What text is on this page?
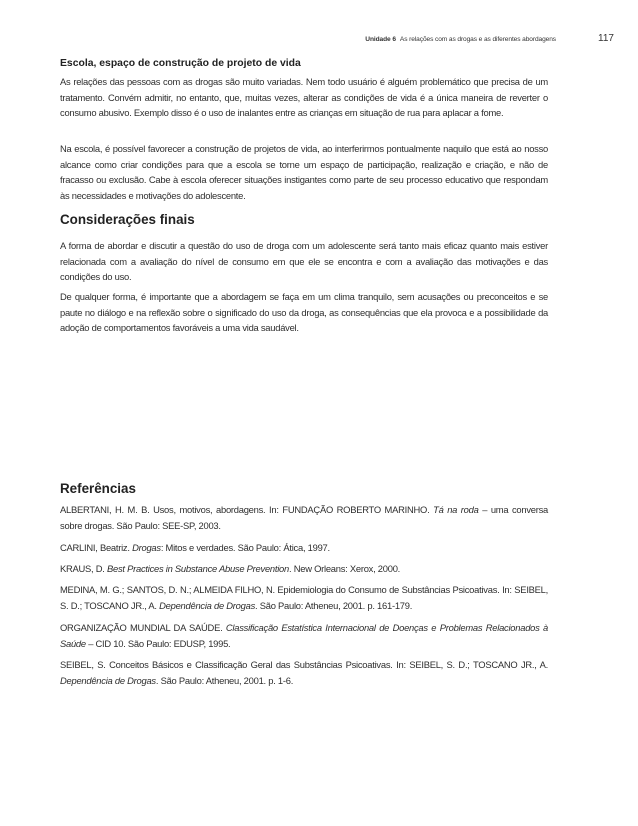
Unidade 6 As relações com as drogas e as diferentes abordagens	117
Escola, espaço de construção de projeto de vida

As relações das pessoas com as drogas são muito variadas. Nem todo usuário é alguém problemático que precisa de um tratamento. Convém admitir, no entanto, que, muitas vezes, alterar as condições de vida é a única maneira de reverter o consumo abusivo. Exemplo disso é o uso de inalantes entre as crianças em situação de rua para aplacar a fome.

Na escola, é possível favorecer a construção de projetos de vida, ao interferirmos pontualmente naquilo que está ao nosso alcance como criar condições para que a escola se torne um espaço de participação, realização e criação, e não de fracasso ou exclusão. Cabe à escola oferecer situações instigantes como parte de seu processo educativo que respondam às necessidades e motivações do adolescente.

Considerações finais

A forma de abordar e discutir a questão do uso de droga com um adolescente será tanto mais eficaz quanto mais estiver relacionada com a avaliação do nível de consumo em que ele se encontra e com a avaliação das motivações e das condições do uso.

De qualquer forma, é importante que a abordagem se faça em um clima tranquilo, sem acusações ou preconceitos e se paute no diálogo e na reflexão sobre o significado do uso da droga, as consequências que ela provoca e a possibilidade da adoção de comportamentos favoráveis a uma vida saudável.

Referências

ALBERTANI, H. M. B. Usos, motivos, abordagens. In: FUNDAÇÃO ROBERTO MARINHO. Tá na roda – uma conversa sobre drogas. São Paulo: SEE-SP, 2003.

CARLINI, Beatriz. Drogas: Mitos e verdades. São Paulo: Ática, 1997.

KRAUS, D. Best Practices in Substance Abuse Prevention. New Orleans: Xerox, 2000.

MEDINA, M. G.; SANTOS, D. N.; ALMEIDA FILHO, N. Epidemiologia do Consumo de Substâncias Psicoativas. In: SEIBEL, S. D.; TOSCANO JR., A. Dependência de Drogas. São Paulo: Atheneu, 2001. p. 161-179.

ORGANIZAÇÃO MUNDIAL DA SAÚDE. Classificação Estatística Internacional de Doenças e Problemas Relacionados à Saúde – CID 10. São Paulo: EDUSP, 1995.

SEIBEL, S. Conceitos Básicos e Classificação Geral das Substâncias Psicoativas. In: SEIBEL, S. D.; TOSCANO JR., A. Dependência de Drogas. São Paulo: Atheneu, 2001. p. 1-6.
